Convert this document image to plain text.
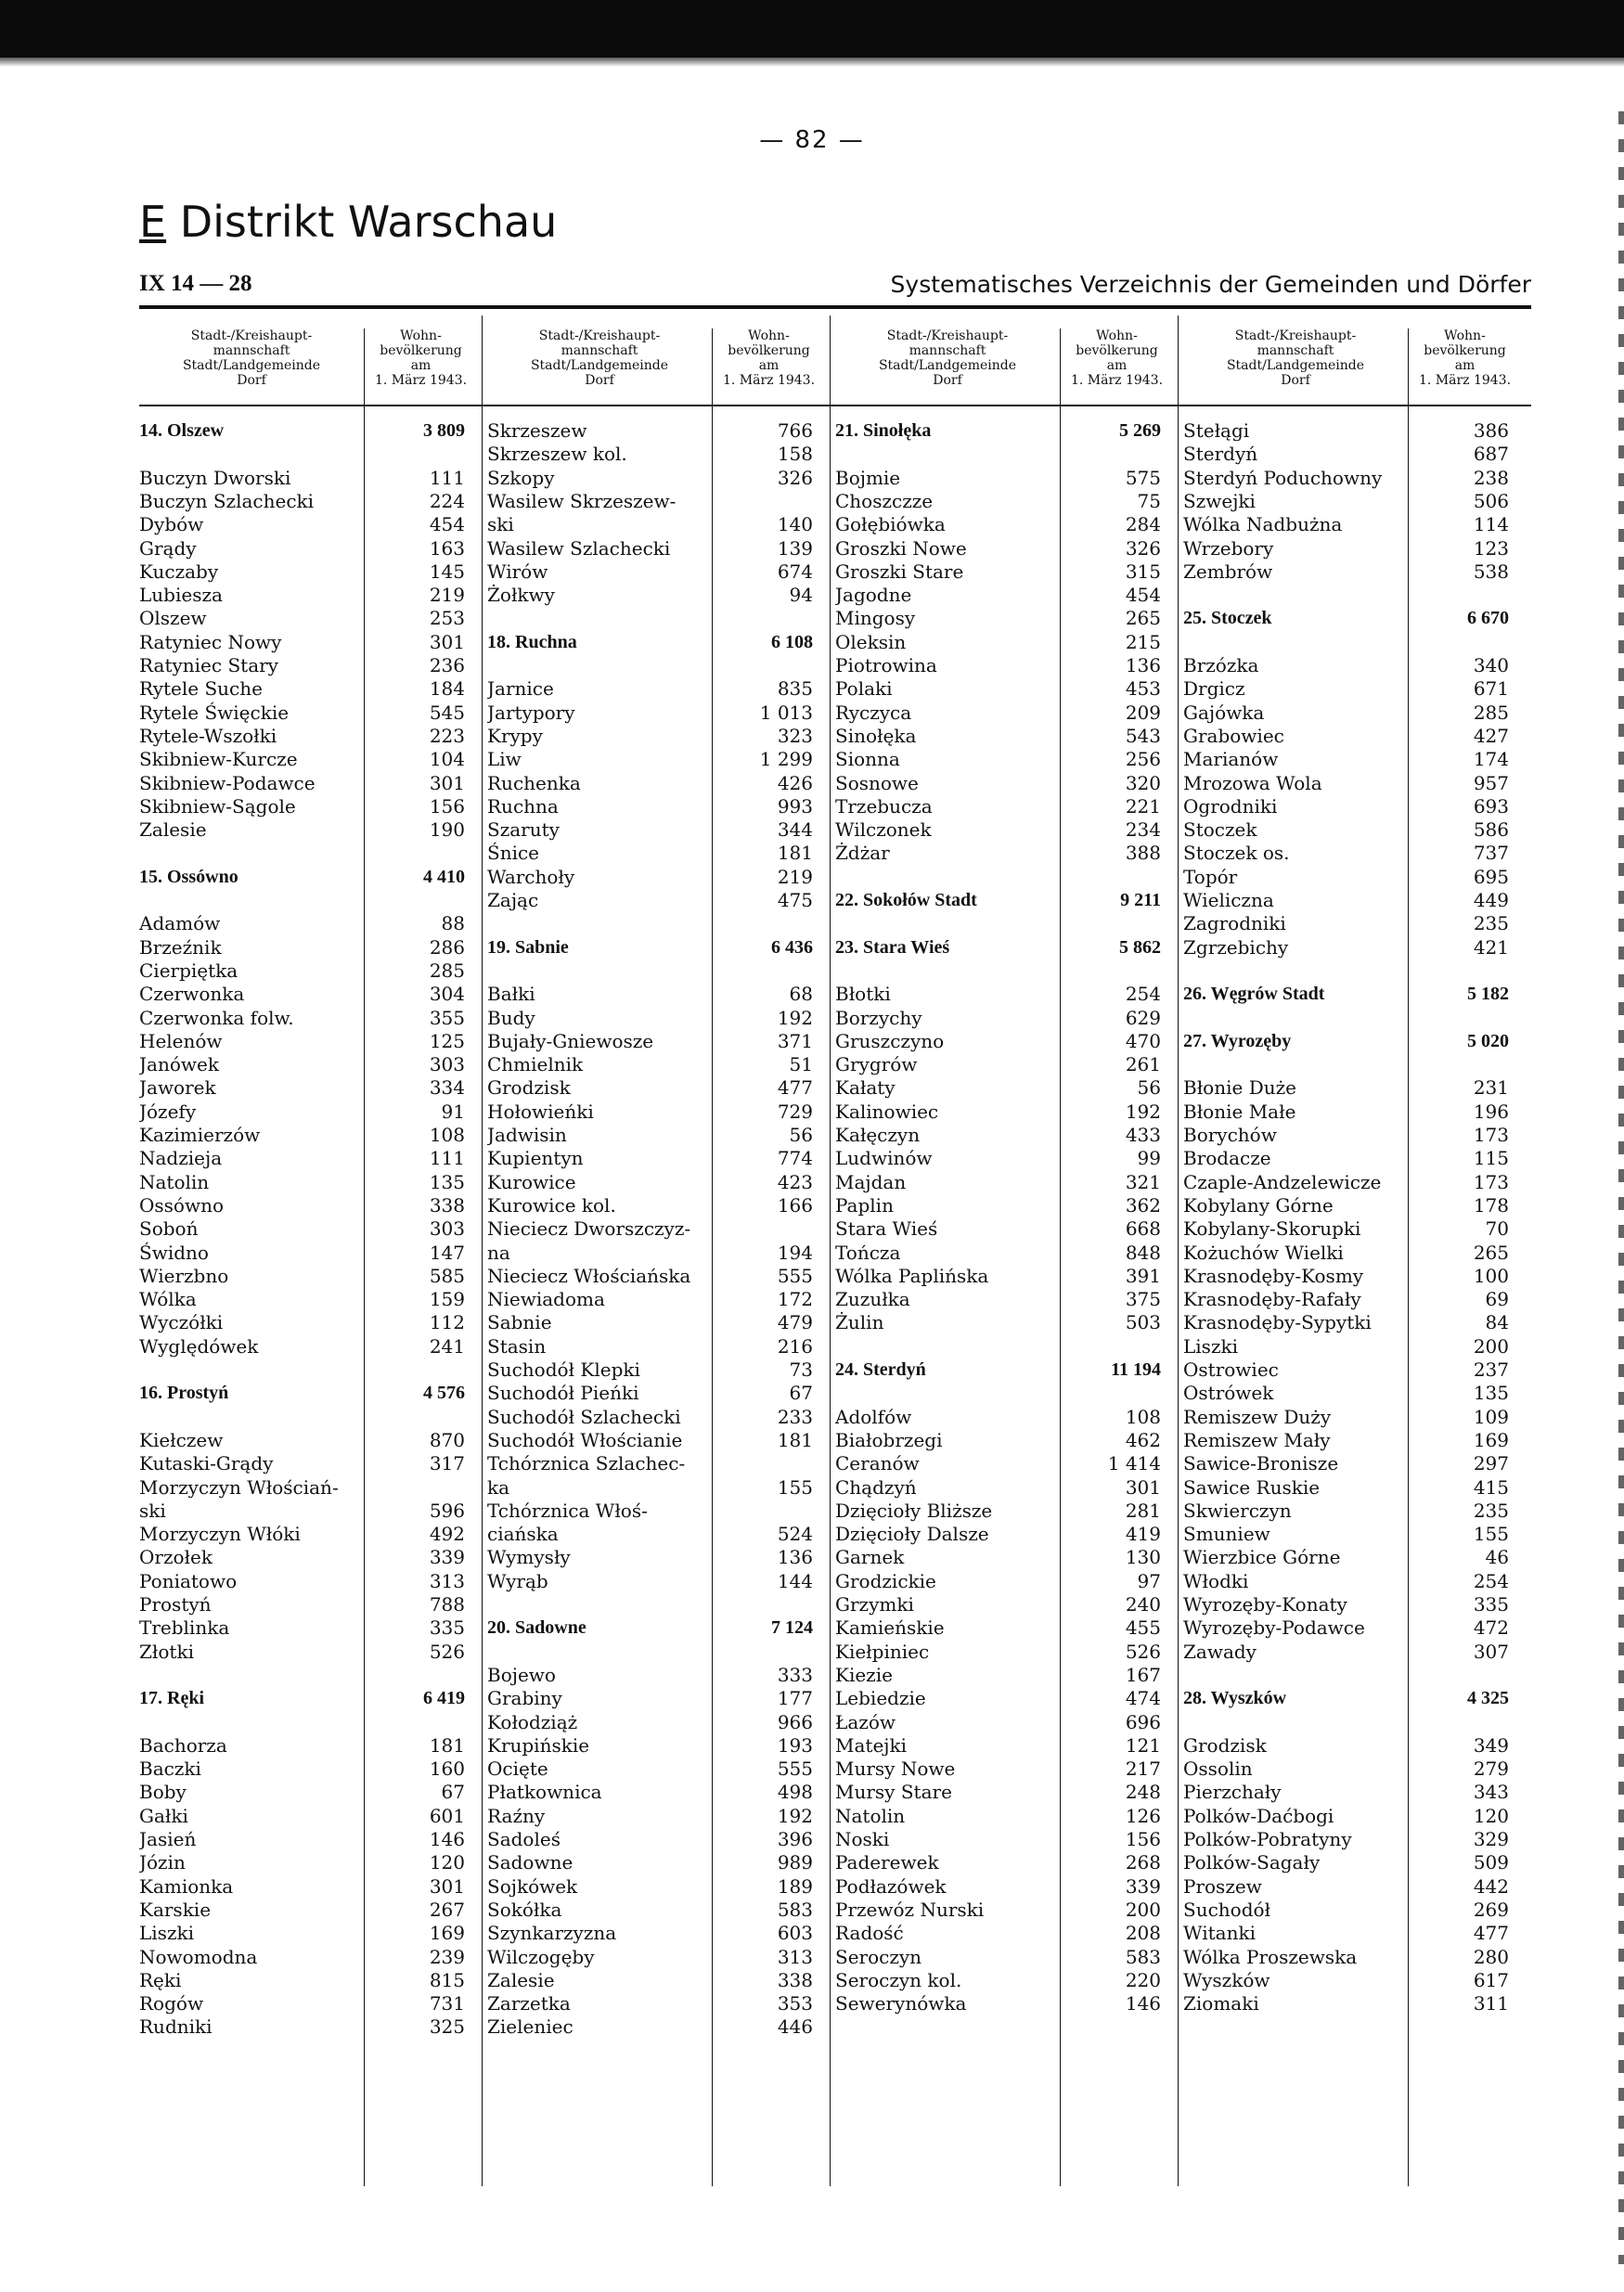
— 82 —
E Distrikt Warschau
IX 14 — 28	Systematisches Verzeichnis der Gemeinden und Dörfer
Stadt-/Kreishaupt-
mannschaft
Stadt/Landgemeinde
Dorf
Wohn-
bevölkerung
am
1. März 1943.
14. Olszew	3 809
Buczyn Dworski	111
Buczyn Szlachecki	224
Dybów	454
Grądy	163
Kuczaby	145
Lubiesza	219
Olszew	253
Ratyniec Nowy	301
Ratyniec Stary	236
Rytele Suche	184
Rytele Święckie	545
Rytele-Wszołki	223
Skibniew-Kurcze	104
Skibniew-Podawce	301
Skibniew-Sągole	156
Zalesie	190
15. Ossówno	4 410
Adamów	88
Brzeźnik	286
Cierpiętka	285
Czerwonka	304
Czerwonka folw.	355
Helenów	125
Janówek	303
Jaworek	334
Józefy	91
Kazimierzów	108
Nadzieja	111
Natolin	135
Ossówno	338
Soboń	303
Świdno	147
Wierzbno	585
Wólka	159
Wyczółki	112
Wyględówek	241
16. Prostyń	4 576
Kiełczew	870
Kutaski-Grądy	317
Morzyczyn Włościań-
ski	596
Morzyczyn Włóki	492
Orzołek	339
Poniatowo	313
Prostyń	788
Treblinka	335
Złotki	526
17. Ręki	6 419
Bachorza	181
Baczki	160
Boby	67
Gałki	601
Jasień	146
Józin	120
Kamionka	301
Karskie	267
Liszki	169
Nowomodna	239
Ręki	815
Rogów	731
Rudniki	325
Stadt-/Kreishaupt-
mannschaft
Stadt/Landgemeinde
Dorf
Wohn-
bevölkerung
am
1. März 1943.
Skrzeszew	766
Skrzeszew kol.	158
Szkopy	326
Wasilew Skrzeszew-
ski	140
Wasilew Szlachecki	139
Wirów	674
Żołkwy	94
18. Ruchna	6 108
Jarnice	835
Jartypory	1 013
Krypy	323
Liw	1 299
Ruchenka	426
Ruchna	993
Szaruty	344
Śnice	181
Warchoły	219
Zając	475
19. Sabnie	6 436
Bałki	68
Budy	192
Bujały-Gniewosze	371
Chmielnik	51
Grodzisk	477
Hołowieńki	729
Jadwisin	56
Kupientyn	774
Kurowice	423
Kurowice kol.	166
Nieciecz Dworszczyz-
na	194
Nieciecz Włościańska	555
Niewiadoma	172
Sabnie	479
Stasin	216
Suchodół Klepki	73
Suchodół Pieńki	67
Suchodół Szlachecki	233
Suchodół Włościanie	181
Tchórznica Szlachec-
ka	155
Tchórznica Włoś-
ciańska	524
Wymysły	136
Wyrąb	144
20. Sadowne	7 124
Bojewo	333
Grabiny	177
Kołodziąż	966
Krupińskie	193
Ocięte	555
Płatkownica	498
Raźny	192
Sadoleś	396
Sadowne	989
Sojkówek	189
Sokółka	583
Szynkarzyzna	603
Wilczogęby	313
Zalesie	338
Zarzetka	353
Zieleniec	446
Stadt-/Kreishaupt-
mannschaft
Stadt/Landgemeinde
Dorf
Wohn-
bevölkerung
am
1. März 1943.
21. Sinołęka	5 269
Bojmie	575
Choszczze	75
Gołębiówka	284
Groszki Nowe	326
Groszki Stare	315
Jagodne	454
Mingosy	265
Oleksin	215
Piotrowina	136
Polaki	453
Ryczyca	209
Sinołęka	543
Sionna	256
Sosnowe	320
Trzebucza	221
Wilczonek	234
Żdżar	388
22. Sokołów Stadt	9 211
23. Stara Wieś	5 862
Błotki	254
Borzychy	629
Gruszczyno	470
Grygrów	261
Kałaty	56
Kalinowiec	192
Kałęczyn	433
Ludwinów	99
Majdan	321
Paplin	362
Stara Wieś	668
Tończa	848
Wólka Paplińska	391
Zuzułka	375
Żulin	503
24. Sterdyń	11 194
Adolfów	108
Białobrzegi	462
Ceranów	1 414
Chądzyń	301
Dzięcioły Bliższe	281
Dzięcioły Dalsze	419
Garnek	130
Grodzickie	97
Grzymki	240
Kamieńskie	455
Kiełpiniec	526
Kiezie	167
Lebiedzie	474
Łazów	696
Matejki	121
Mursy Nowe	217
Mursy Stare	248
Natolin	126
Noski	156
Paderewek	268
Podłazówek	339
Przewóz Nurski	200
Radość	208
Seroczyn	583
Seroczyn kol.	220
Sewerynówka	146
Stadt-/Kreishaupt-
mannschaft
Stadt/Landgemeinde
Dorf
Wohn-
bevölkerung
am
1. März 1943.
Stełągi	386
Sterdyń	687
Sterdyń Poduchowny	238
Szwejki	506
Wólka Nadbużna	114
Wrzebory	123
Zembrów	538
25. Stoczek	6 670
Brzózka	340
Drgicz	671
Gajówka	285
Grabowiec	427
Marianów	174
Mrozowa Wola	957
Ogrodniki	693
Stoczek	586
Stoczek os.	737
Topór	695
Wieliczna	449
Zagrodniki	235
Zgrzebichy	421
26. Węgrów Stadt	5 182
27. Wyrozęby	5 020
Błonie Duże	231
Błonie Małe	196
Borychów	173
Brodacze	115
Czaple-Andzelewicze	173
Kobylany Górne	178
Kobylany-Skorupki	70
Kożuchów Wielki	265
Krasnodęby-Kosmy	100
Krasnodęby-Rafały	69
Krasnodęby-Sypytki	84
Liszki	200
Ostrowiec	237
Ostrówek	135
Remiszew Duży	109
Remiszew Mały	169
Sawice-Bronisze	297
Sawice Ruskie	415
Skwierczyn	235
Smuniew	155
Wierzbice Górne	46
Włodki	254
Wyrozęby-Konaty	335
Wyrozęby-Podawce	472
Zawady	307
28. Wyszków	4 325
Grodzisk	349
Ossolin	279
Pierzchały	343
Polków-Daćbogi	120
Polków-Pobratyny	329
Polków-Sagały	509
Proszew	442
Suchodół	269
Witanki	477
Wólka Proszewska	280
Wyszków	617
Ziomaki	311
